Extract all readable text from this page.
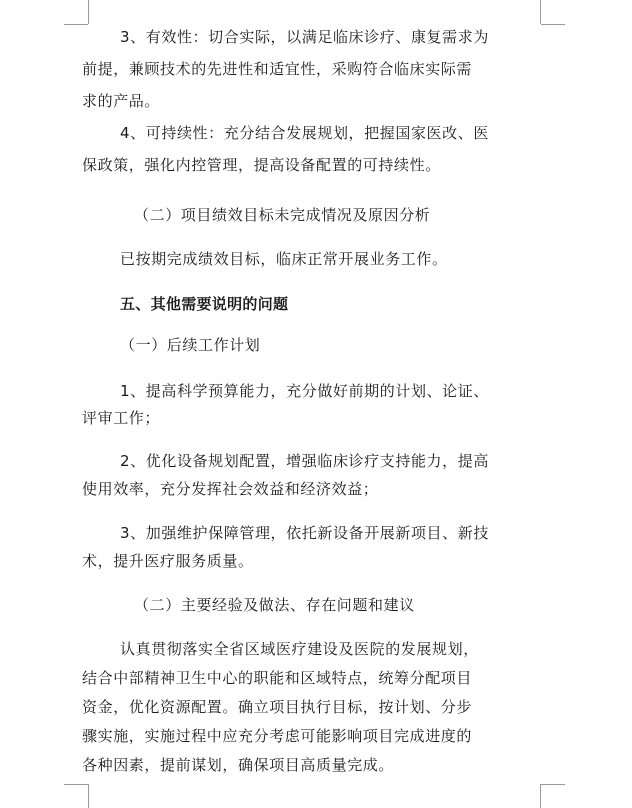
3、有效性：切合实际，以满足临床诊疗、康复需求为
前提，兼顾技术的先进性和适宜性，采购符合临床实际需
求的产品。
4、可持续性：充分结合发展规划，把握国家医改、医
保政策，强化内控管理，提高设备配置的可持续性。
（二）项目绩效目标未完成情况及原因分析
已按期完成绩效目标，临床正常开展业务工作。
五、其他需要说明的问题
（一）后续工作计划
1、提高科学预算能力，充分做好前期的计划、论证、
评审工作；
2、优化设备规划配置，增强临床诊疗支持能力，提高
使用效率，充分发挥社会效益和经济效益；
3、加强维护保障管理，依托新设备开展新项目、新技
术，提升医疗服务质量。
（二）主要经验及做法、存在问题和建议
认真贯彻落实全省区域医疗建设及医院的发展规划，
结合中部精神卫生中心的职能和区域特点，统筹分配项目
资金，优化资源配置。确立项目执行目标，按计划、分步
骤实施，实施过程中应充分考虑可能影响项目完成进度的
各种因素，提前谋划，确保项目高质量完成。
